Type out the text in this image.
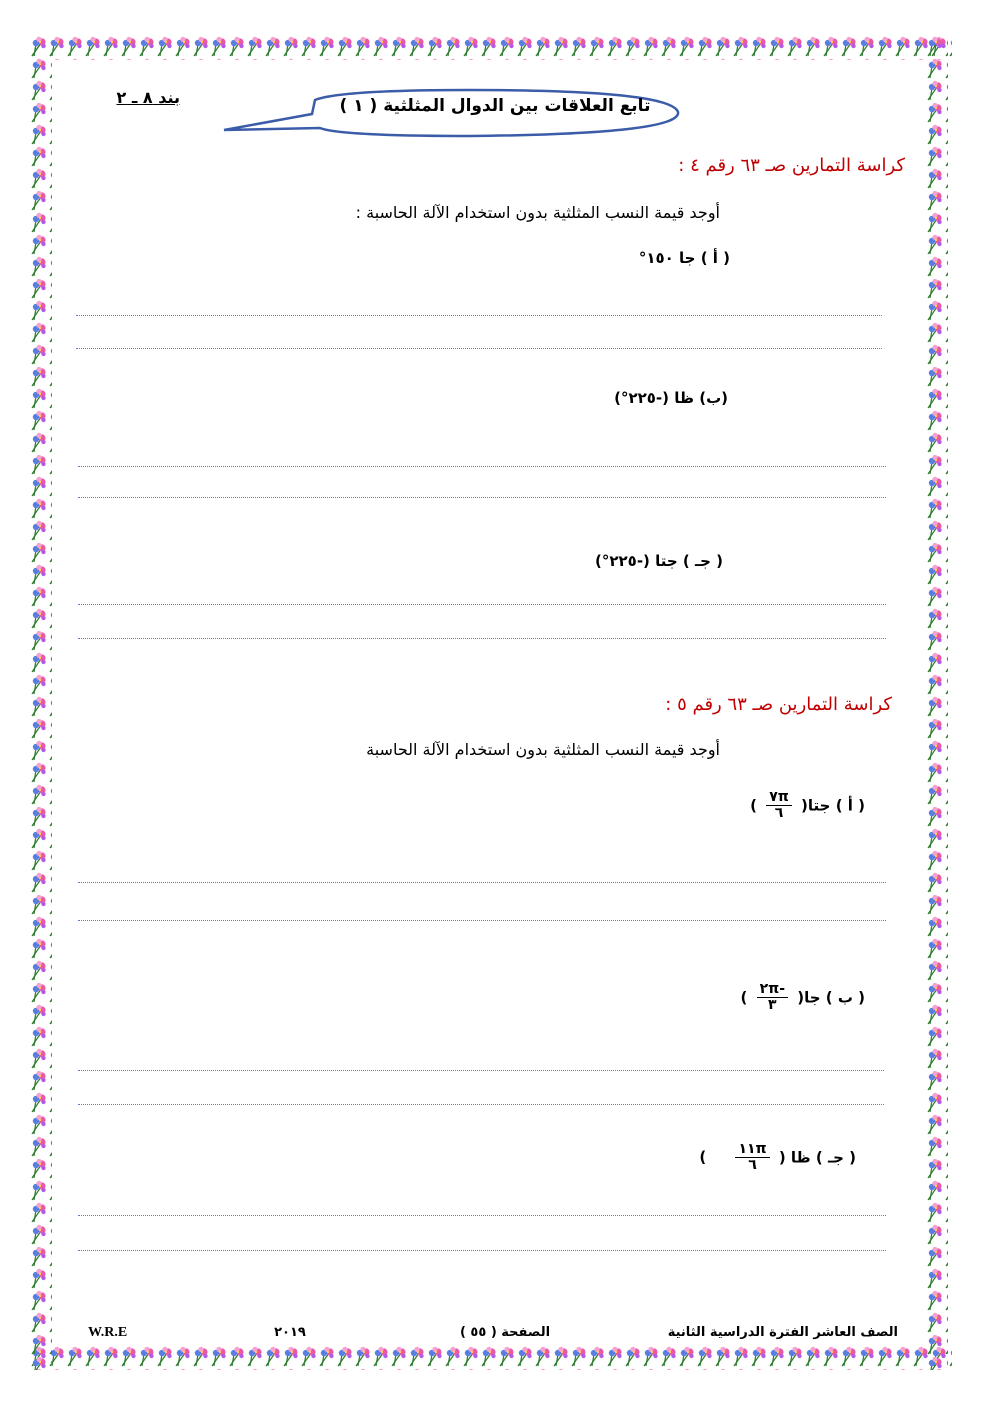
تابع العلاقات بين الدوال المثلثية ( ١ )
بند ٨ ـ ٢
كراسة التمارين صـ ٦٣ رقم ٤ :
أوجد قيمة النسب المثلثية بدون استخدام الآلة الحاسبة :
( أ ) جا ١٥٠°
(ب) ظا (-٢٢٥°)
( جـ ) جتا (-٢٢٥°)
كراسة التمارين صـ ٦٣ رقم ٥ :
أوجد قيمة النسب المثلثية بدون استخدام الآلة الحاسبة
( أ ) جتا(
$\frac{٧\pi}{٦}$
)
( ب ) جا(
$\frac{-٢\pi}{٣}$
)
( جـ ) ظا (
$\frac{١١\pi}{٦}$
)
الصف العاشر الفترة الدراسية الثانية
الصفحة ( ٥٥ )
٢٠١٩
W.R.E
